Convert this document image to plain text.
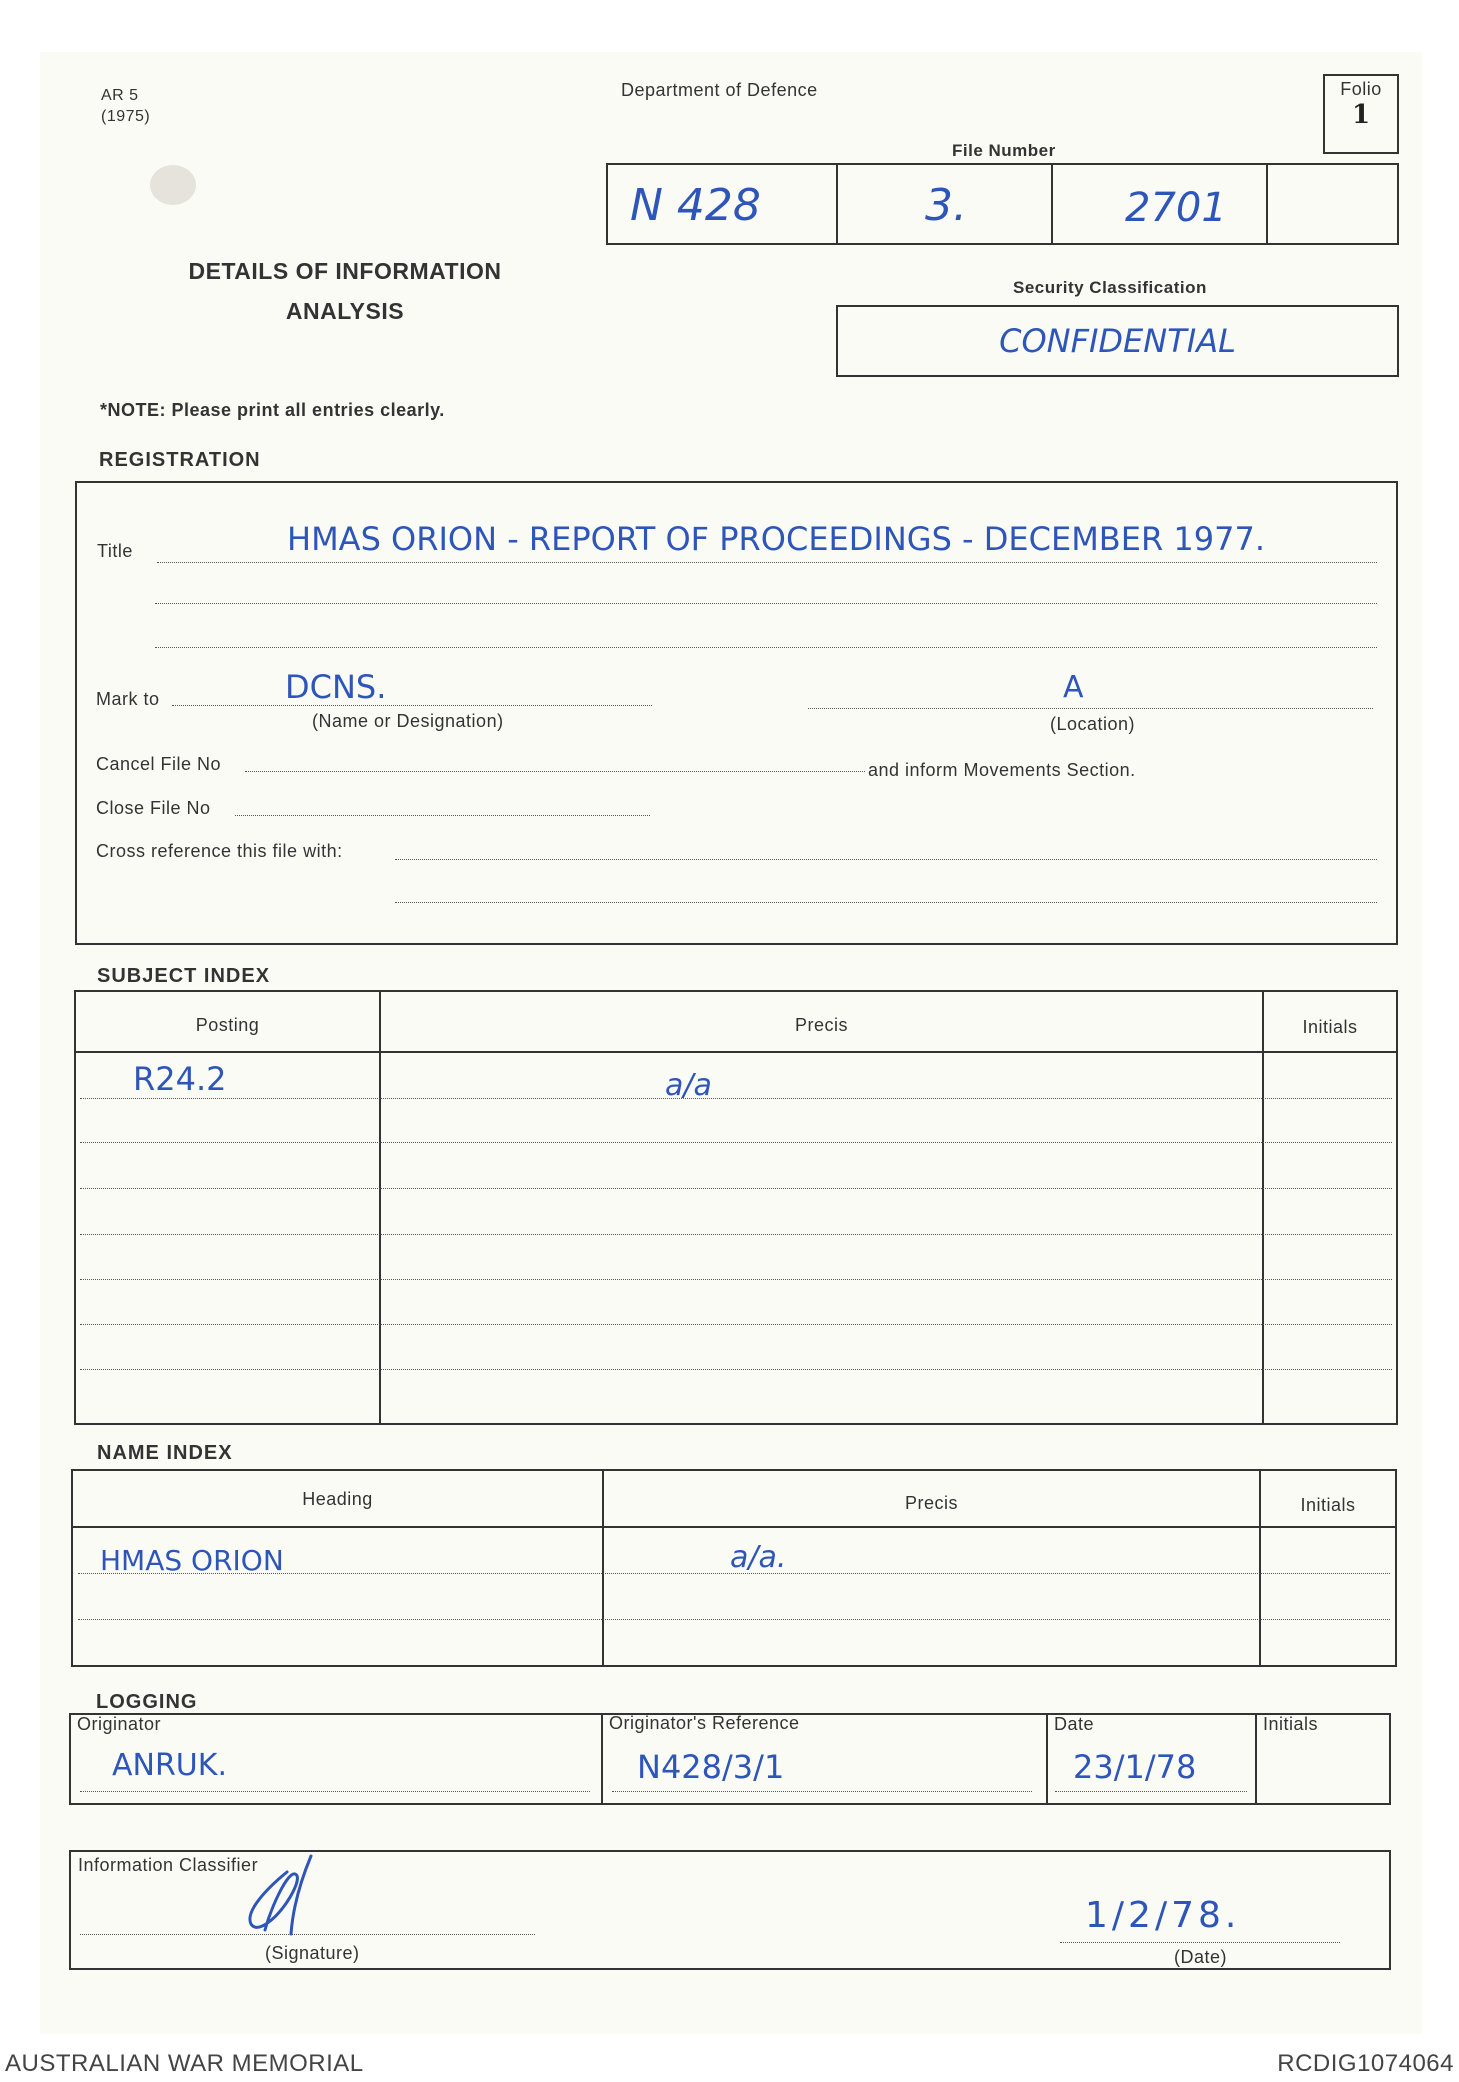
AR 5
(1975)
Department of Defence	Folio
1
File Number
N 428	3.	2701
DETAILS OF INFORMATION
ANALYSIS
Security Classification
CONFIDENTIAL
*NOTE: Please print all entries clearly.
REGISTRATION
Title	HMAS ORION - REPORT OF PROCEEDINGS - DECEMBER 1977.
Mark to	DCNS.
(Name or Designation)
A
(Location)
Cancel File No	and inform Movements Section.
Close File No
Cross reference this file with:
SUBJECT INDEX
Posting	Precis	Initials
R24.2	a/a
NAME INDEX
Heading	Precis	Initials
HMAS ORION	a/a.
LOGGING
Originator	Originator's Reference	Date	Initials
ANRUK.	N428/3/1	23/1/78
Information Classifier
(Signature)
1/2/78.
(Date)
AUSTRALIAN WAR MEMORIAL	RCDIG1074064
